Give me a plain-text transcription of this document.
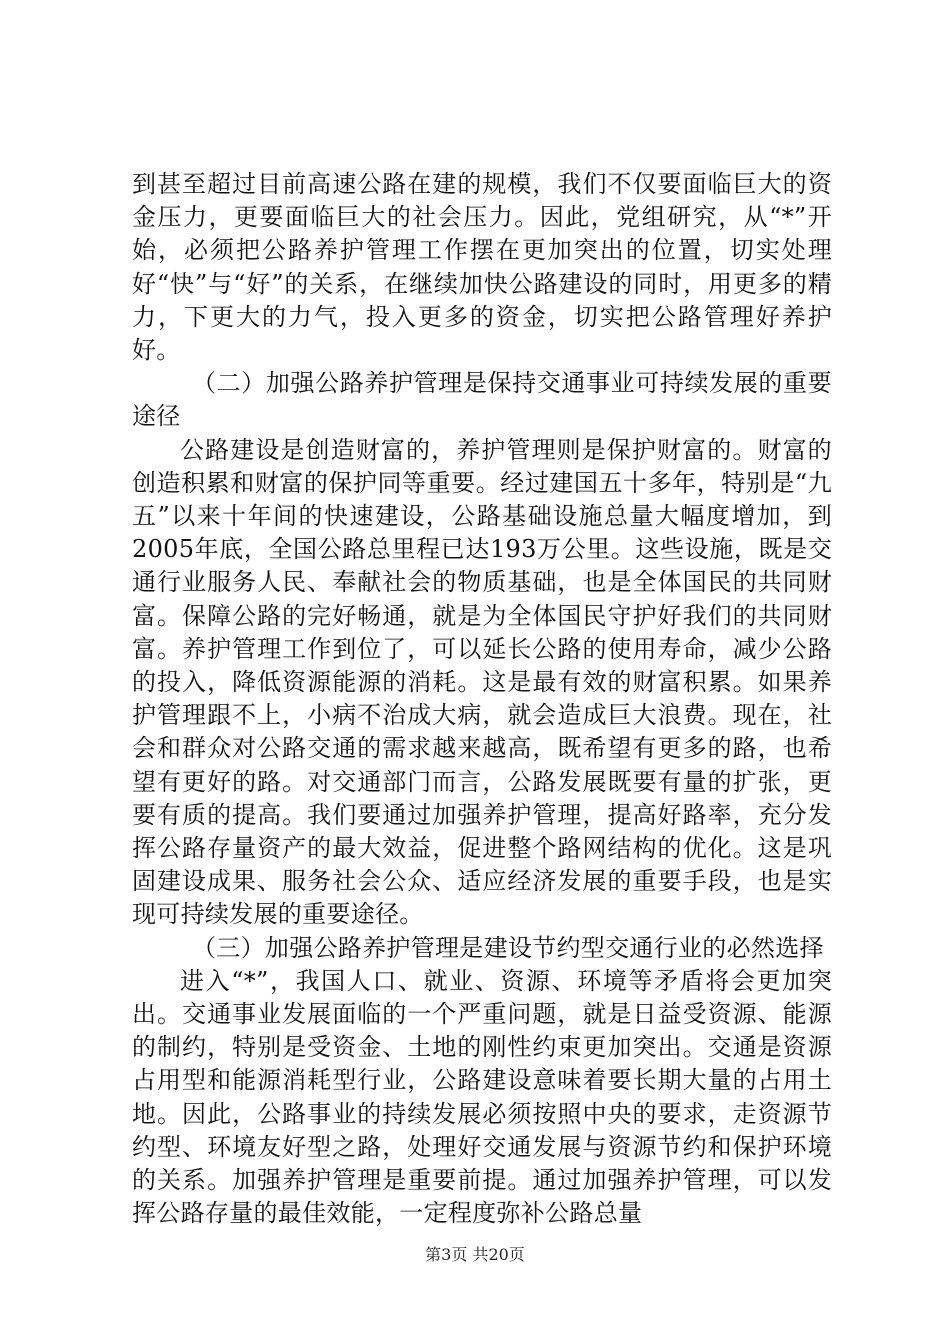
到甚至超过目前高速公路在建的规模，我们不仅要面临巨大的资金压力，更要面临巨大的社会压力。因此，党组研究，从“*”开始，必须把公路养护管理工作摆在更加突出的位置，切实处理好“快”与“好”的关系，在继续加快公路建设的同时，用更多的精力，下更大的力气，投入更多的资金，切实把公路管理好养护好。

（二）加强公路养护管理是保持交通事业可持续发展的重要途径

公路建设是创造财富的，养护管理则是保护财富的。财富的创造积累和财富的保护同等重要。经过建国五十多年，特别是“九五”以来十年间的快速建设，公路基础设施总量大幅度增加，到2005年底，全国公路总里程已达193万公里。这些设施，既是交通行业服务人民、奉献社会的物质基础，也是全体国民的共同财富。保障公路的完好畅通，就是为全体国民守护好我们的共同财富。养护管理工作到位了，可以延长公路的使用寿命，减少公路的投入，降低资源能源的消耗。这是最有效的财富积累。如果养护管理跟不上，小病不治成大病，就会造成巨大浪费。现在，社会和群众对公路交通的需求越来越高，既希望有更多的路，也希望有更好的路。对交通部门而言，公路发展既要有量的扩张，更要有质的提高。我们要通过加强养护管理，提高好路率，充分发挥公路存量资产的最大效益，促进整个路网结构的优化。这是巩固建设成果、服务社会公众、适应经济发展的重要手段，也是实现可持续发展的重要途径。

（三）加强公路养护管理是建设节约型交通行业的必然选择

进入“*”，我国人口、就业、资源、环境等矛盾将会更加突出。交通事业发展面临的一个严重问题，就是日益受资源、能源的制约，特别是受资金、土地的刚性约束更加突出。交通是资源占用型和能源消耗型行业，公路建设意味着要长期大量的占用土地。因此，公路事业的持续发展必须按照中央的要求，走资源节约型、环境友好型之路，处理好交通发展与资源节约和保护环境的关系。加强养护管理是重要前提。通过加强养护管理，可以发挥公路存量的最佳效能，一定程度弥补公路总量

第3页 共20页
